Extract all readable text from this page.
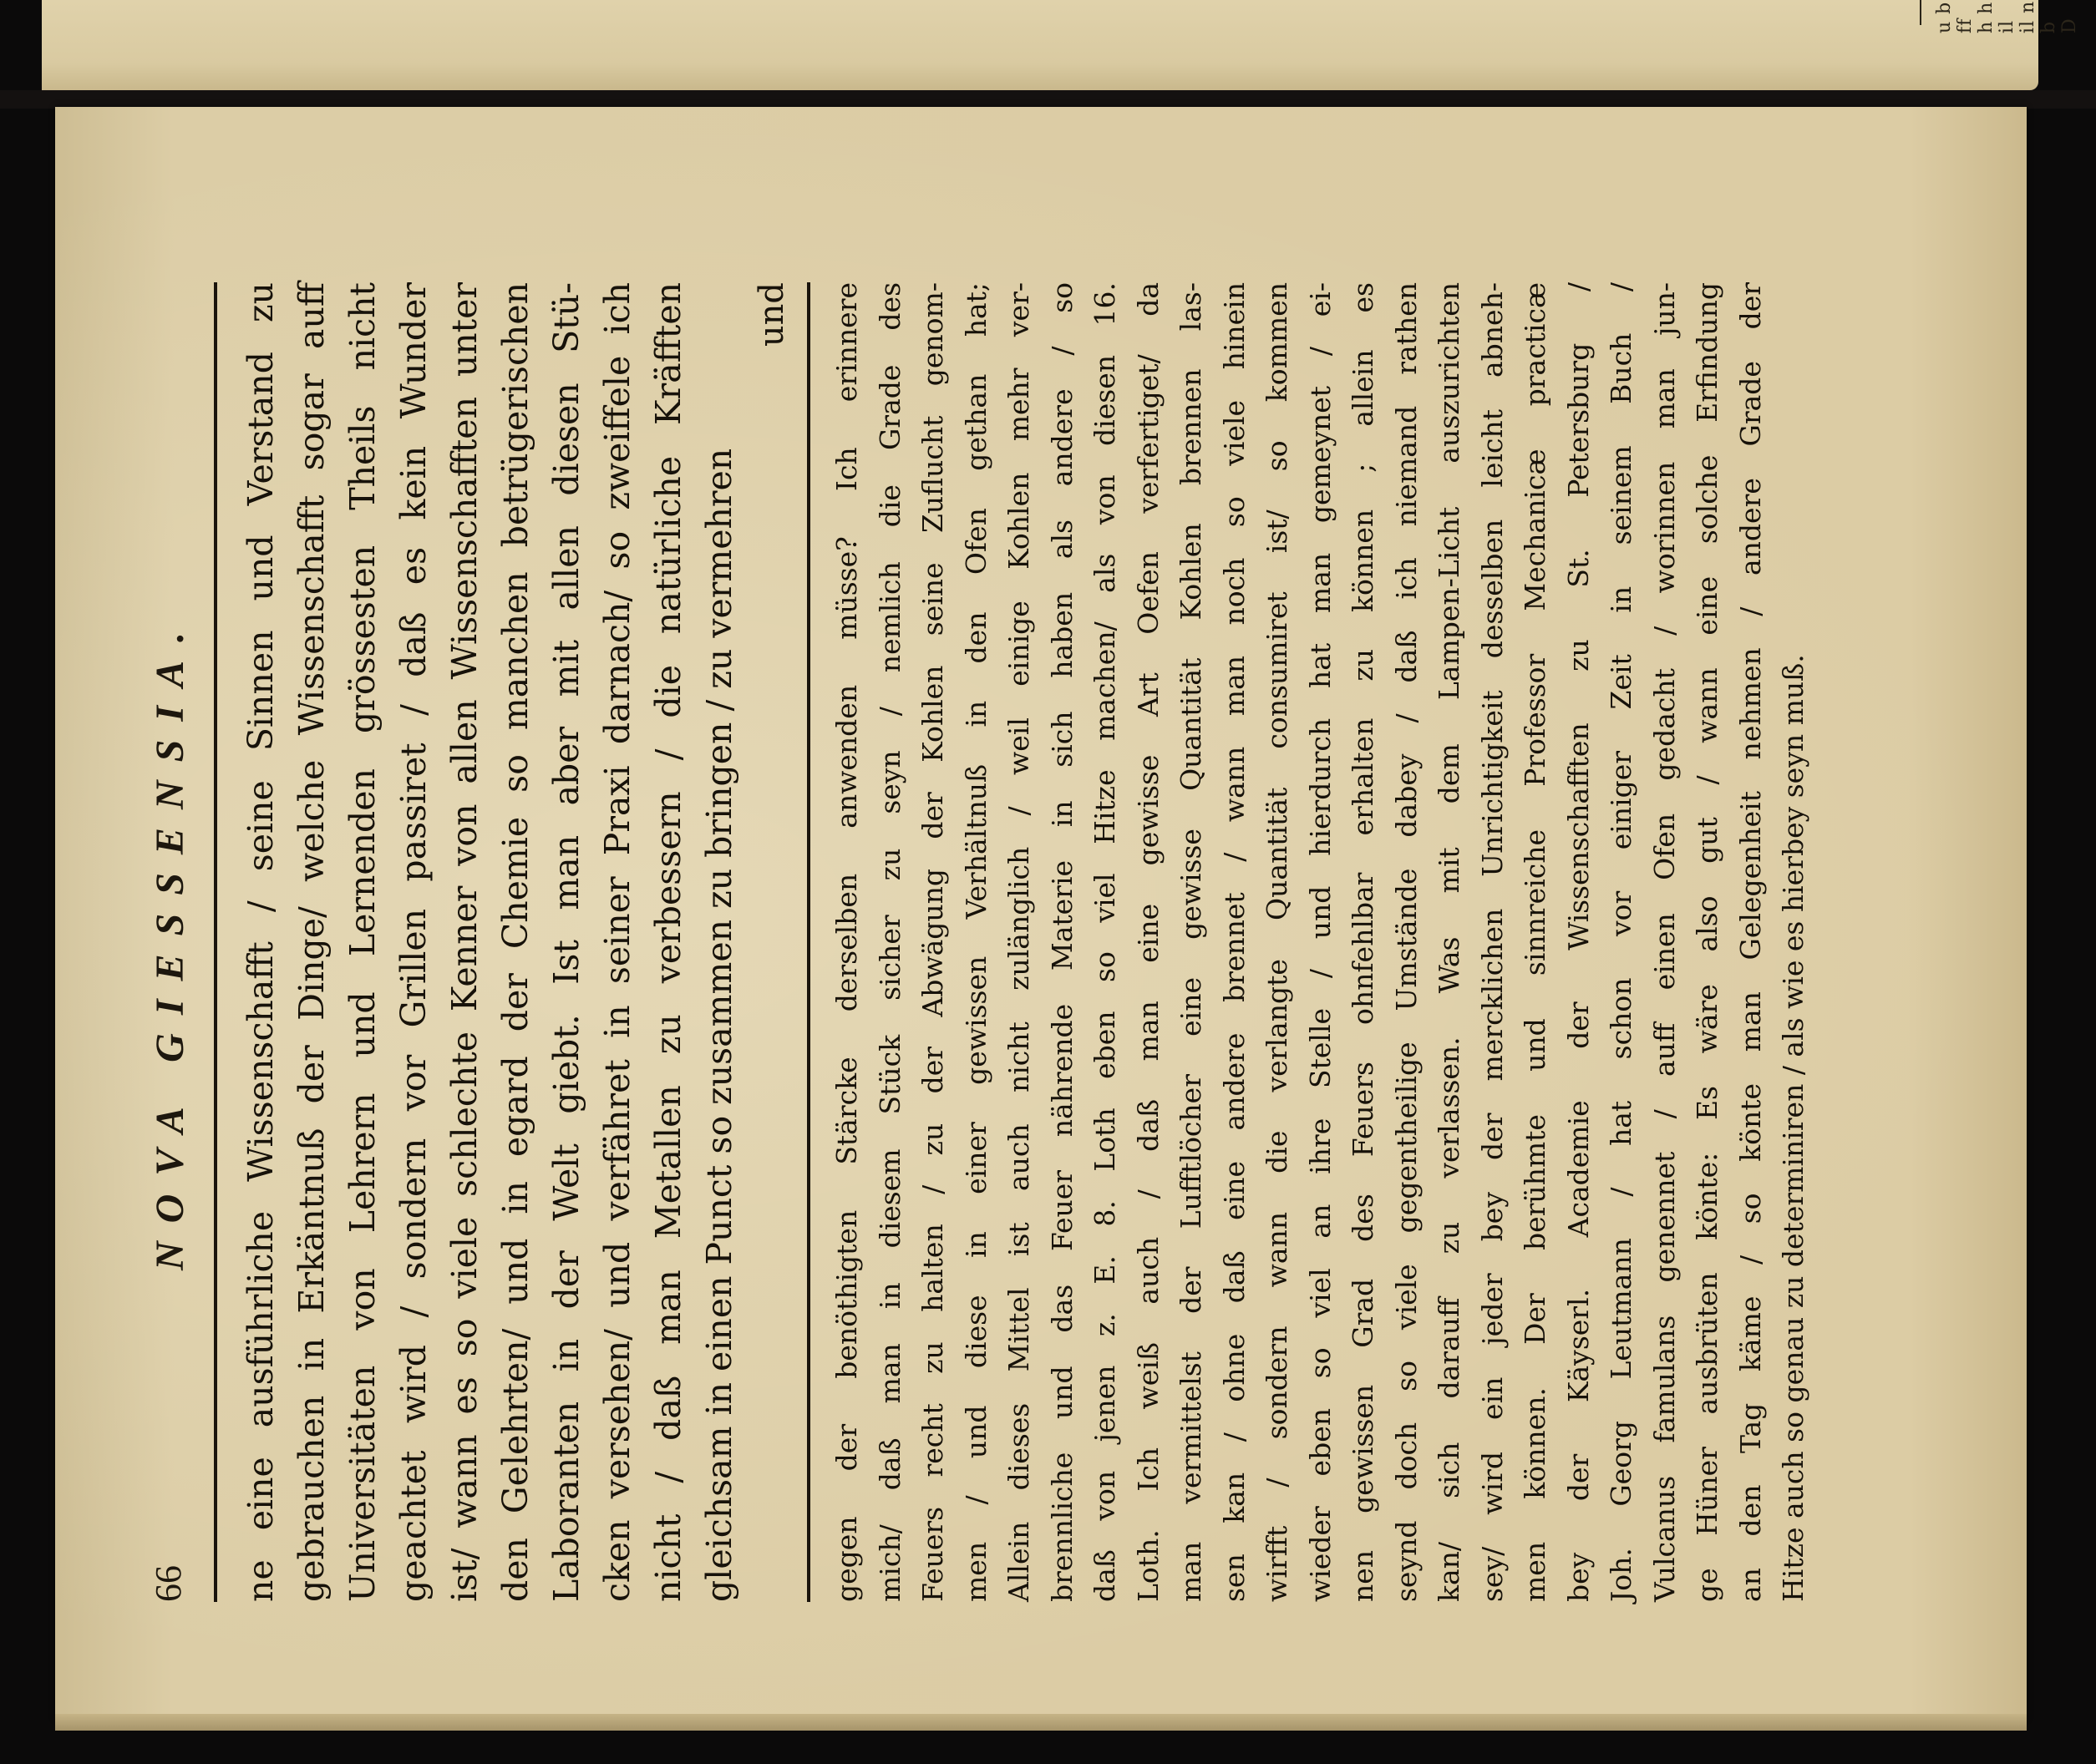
u b ff h h il il n b D
66
NOVA GIESSENSIA. ne eine ausführliche Wissenschafft / seine Sinnen und Verstand zu gebrauchen in Erkäntnuß der Dinge/ welche Wissenschafft sogar auff Universitäten von Lehrern und Lernenden grössesten Theils nicht geachtet wird / sondern vor Grillen passiret / daß es kein Wunder ist/ wann es so viele schlechte Kenner von allen Wissenschafften unter den Gelehrten/ und in egard der Chemie so manchen betrügerischen Laboranten in der Welt giebt. Ist man aber mit allen diesen Stü- cken versehen/ und verfähret in seiner Praxi darnach/ so zweiffele ich nicht / daß man Metallen zu verbessern / die natürliche Kräfften gleichsam in einen Punct so zusammen zu bringen / zu vermehren
und gegen der benöthigten Stärcke derselben anwenden müsse? Ich erinnere mich/ daß man in diesem Stück sicher zu seyn / nemlich die Grade des Feuers recht zu halten / zu der Abwägung der Kohlen seine Zuflucht genom- men / und diese in einer gewissen Verhältnuß in den Ofen gethan hat; Allein dieses Mittel ist auch nicht zulänglich / weil einige Kohlen mehr ver- brennliche und das Feuer nährende Materie in sich haben als andere / so daß von jenen z. E. 8. Loth eben so viel Hitze machen/ als von diesen 16. Loth. Ich weiß auch / daß man eine gewisse Art Oefen verfertiget/ da man vermittelst der Lufftlöcher eine gewisse Quantität Kohlen brennen las- sen kan / ohne daß eine andere brennet / wann man noch so viele hinein wirfft / sondern wann die verlangte Quantität consumiret ist/ so kommen wieder eben so viel an ihre Stelle / und hierdurch hat man gemeynet / ei- nen gewissen Grad des Feuers ohnfehlbar erhalten zu können ; allein es seynd doch so viele gegentheilige Umstände dabey / daß ich niemand rathen kan/ sich darauff zu verlassen. Was mit dem Lampen-Licht auszurichten sey/ wird ein jeder bey der mercklichen Unrichtigkeit desselben leicht abneh- men können. Der berühmte und sinnreiche Professor Mechanicæ practicæ bey der Käyserl. Academie der Wissenschafften zu St. Petersburg / Joh. Georg Leutmann / hat schon vor einiger Zeit in seinem Buch / Vulcanus famulans genennet / auff einen Ofen gedacht / worinnen man jun- ge Hüner ausbrüten könte: Es wäre also gut / wann eine solche Erfindung an den Tag käme / so könte man Gelegenheit nehmen / andere Grade der Hitze auch so genau zu determiniren / als wie es hierbey seyn muß.
